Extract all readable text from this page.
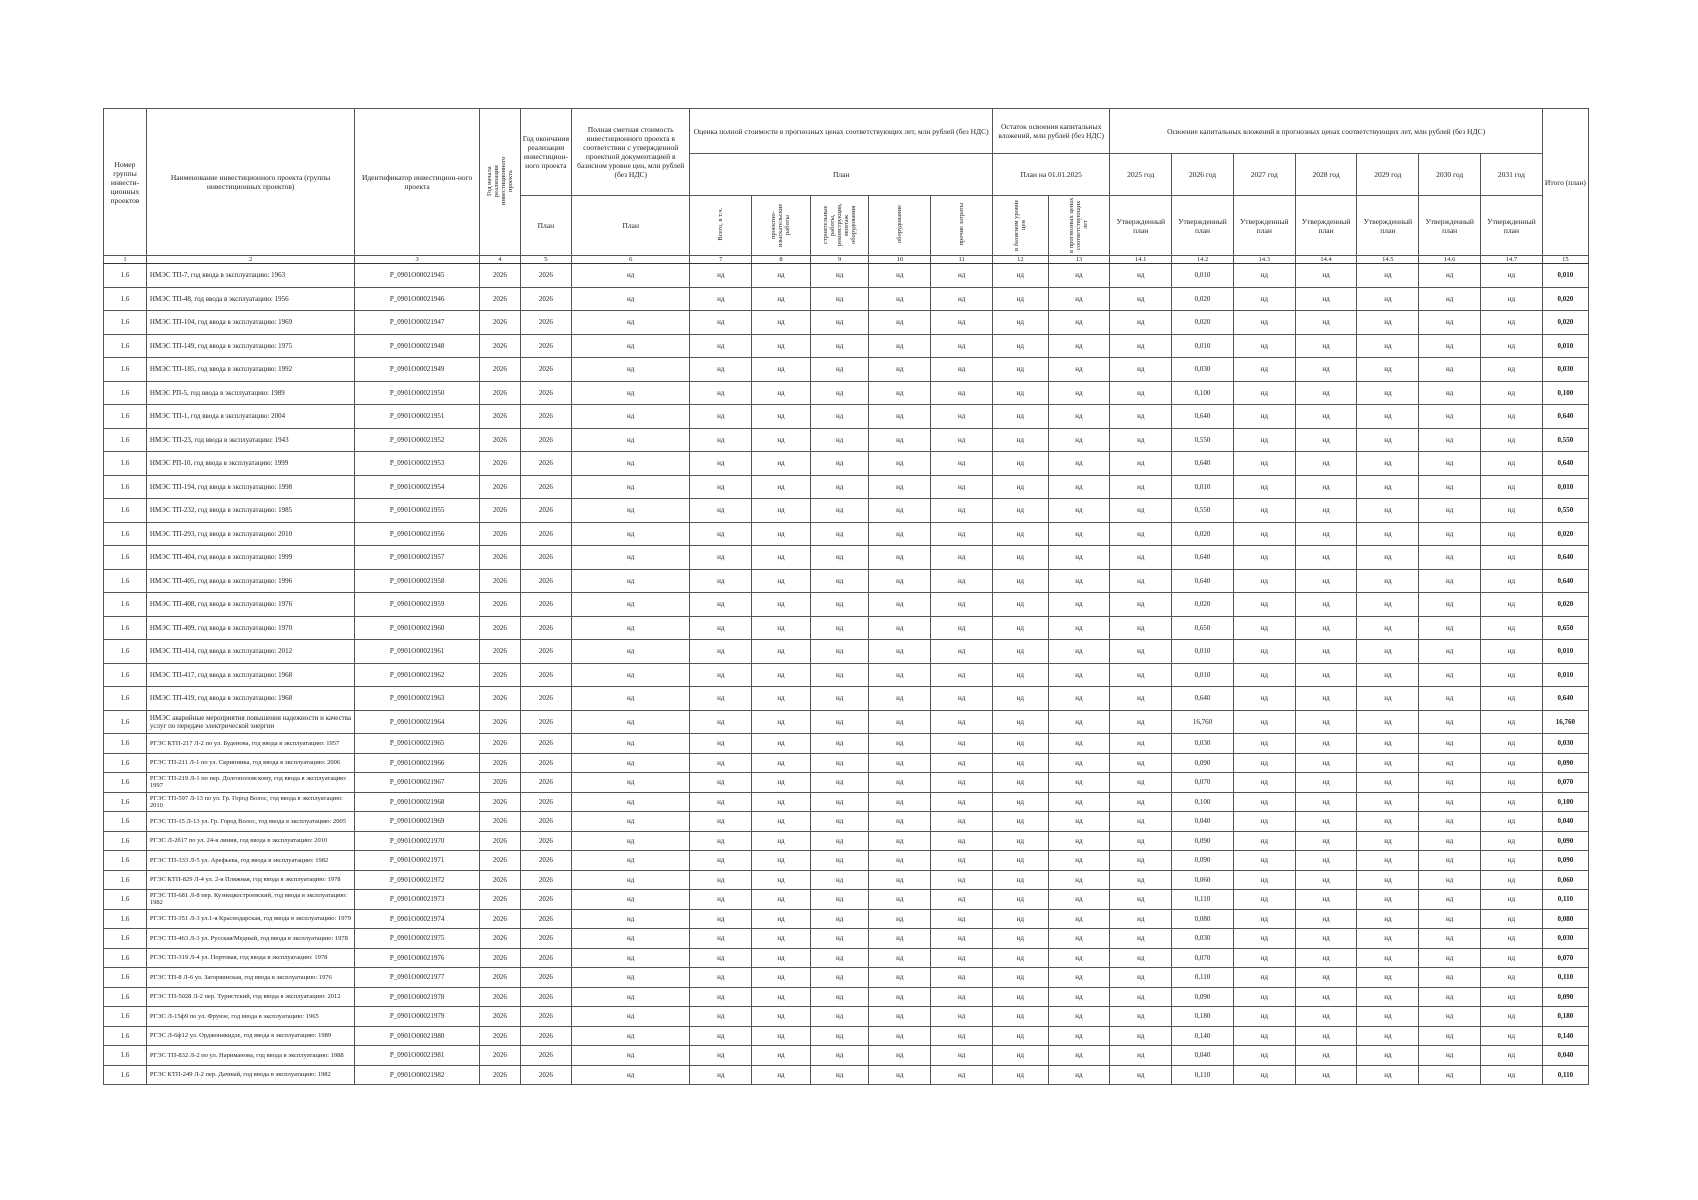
Номер группы инвести-ционных проектов	Наименование инвестиционного проекта (группы инвестиционных проектов)	Идентификатор инвестицион-ного проекта	Год начала реализации инвестиционного проекта	Год окончания реализации инвестицион-ного проекта	Полная сметная стоимость инвестиционного проекта в соответствии с утвержденной проектной документацией в базисном уровне цен, млн рублей (без НДС)	Оценка полной стоимости в прогнозных ценах соответствующих лет, млн рублей (без НДС)					Остаток освоения капитальных вложений, млн рублей (без НДС)		Освоение капитальных вложений в прогнозных ценах соответствующих лет, млн рублей (без НДС)							Итого (план)
						План					План на 01.01.2025		2025 год	2026 год	2027 год	2028 год	2029 год	2030 год	2031 год	
				План	План	Всего, в т.ч.	проектно-изыскательские работы	строительные работы, реконструкция, монтаж оборудования	оборудование	прочие затраты	в базисном уровне цен	в прогнозных ценах соответствующих лет	Утвержденный план	Утвержденный план	Утвержденный план	Утвержденный план	Утвержденный план	Утвержденный план	Утвержденный план	
1	2	3	4	5	6	7	8	9	10	11	12	13	14.1	14.2	14.3	14.4	14.5	14.6	14.7	15
1.6	НМЭС ТП-7, год ввода в эксплуатацию: 1963	P_0901О00021945	2026	2026	нд	нд	нд	нд	нд	нд	нд	нд	нд	0,010	нд	нд	нд	нд	нд	0,010
1.6	НМЭС ТП-48, год ввода в эксплуатацию: 1956	P_0901О00021946	2026	2026	нд	нд	нд	нд	нд	нд	нд	нд	нд	0,020	нд	нд	нд	нд	нд	0,020
1.6	НМЭС ТП-104, год ввода в эксплуатацию: 1969	P_0901О00021947	2026	2026	нд	нд	нд	нд	нд	нд	нд	нд	нд	0,020	нд	нд	нд	нд	нд	0,020
1.6	НМЭС ТП-149, год ввода в эксплуатацию: 1975	P_0901О00021948	2026	2026	нд	нд	нд	нд	нд	нд	нд	нд	нд	0,010	нд	нд	нд	нд	нд	0,010
1.6	НМЭС ТП-185, год ввода в эксплуатацию: 1992	P_0901О00021949	2026	2026	нд	нд	нд	нд	нд	нд	нд	нд	нд	0,030	нд	нд	нд	нд	нд	0,030
1.6	НМЭС РП-5, год ввода в эксплуатацию: 1989	P_0901О00021950	2026	2026	нд	нд	нд	нд	нд	нд	нд	нд	нд	0,100	нд	нд	нд	нд	нд	0,100
1.6	НМЭС ТП-1, год ввода в эксплуатацию: 2004	P_0901О00021951	2026	2026	нд	нд	нд	нд	нд	нд	нд	нд	нд	0,640	нд	нд	нд	нд	нд	0,640
1.6	НМЭС ТП-23, год ввода в эксплуатацию: 1943	P_0901О00021952	2026	2026	нд	нд	нд	нд	нд	нд	нд	нд	нд	0,550	нд	нд	нд	нд	нд	0,550
1.6	НМЭС РП-10, год ввода в эксплуатацию: 1999	P_0901О00021953	2026	2026	нд	нд	нд	нд	нд	нд	нд	нд	нд	0,640	нд	нд	нд	нд	нд	0,640
1.6	НМЭС ТП-194, год ввода в эксплуатацию: 1998	P_0901О00021954	2026	2026	нд	нд	нд	нд	нд	нд	нд	нд	нд	0,010	нд	нд	нд	нд	нд	0,010
1.6	НМЭС ТП-232, год ввода в эксплуатацию: 1985	P_0901О00021955	2026	2026	нд	нд	нд	нд	нд	нд	нд	нд	нд	0,550	нд	нд	нд	нд	нд	0,550
1.6	НМЭС ТП-293, год ввода в эксплуатацию: 2010	P_0901О00021956	2026	2026	нд	нд	нд	нд	нд	нд	нд	нд	нд	0,020	нд	нд	нд	нд	нд	0,020
1.6	НМЭС ТП-404, год ввода в эксплуатацию: 1999	P_0901О00021957	2026	2026	нд	нд	нд	нд	нд	нд	нд	нд	нд	0,640	нд	нд	нд	нд	нд	0,640
1.6	НМЭС ТП-405, год ввода в эксплуатацию: 1996	P_0901О00021958	2026	2026	нд	нд	нд	нд	нд	нд	нд	нд	нд	0,640	нд	нд	нд	нд	нд	0,640
1.6	НМЭС ТП-408, год ввода в эксплуатацию: 1976	P_0901О00021959	2026	2026	нд	нд	нд	нд	нд	нд	нд	нд	нд	0,020	нд	нд	нд	нд	нд	0,020
1.6	НМЭС ТП-409, год ввода в эксплуатацию: 1970	P_0901О00021960	2026	2026	нд	нд	нд	нд	нд	нд	нд	нд	нд	0,650	нд	нд	нд	нд	нд	0,650
1.6	НМЭС ТП-414, год ввода в эксплуатацию: 2012	P_0901О00021961	2026	2026	нд	нд	нд	нд	нд	нд	нд	нд	нд	0,010	нд	нд	нд	нд	нд	0,010
1.6	НМЭС ТП-417, год ввода в эксплуатацию: 1968	P_0901О00021962	2026	2026	нд	нд	нд	нд	нд	нд	нд	нд	нд	0,010	нд	нд	нд	нд	нд	0,010
1.6	НМЭС ТП-419, год ввода в эксплуатацию: 1968	P_0901О00021963	2026	2026	нд	нд	нд	нд	нд	нд	нд	нд	нд	0,640	нд	нд	нд	нд	нд	0,640
1.6	НМЭС аварийные мероприятия повышения надежности и качества услуг по передаче электрической энергии	P_0901О00021964	2026	2026	нд	нд	нд	нд	нд	нд	нд	нд	нд	16,760	нд	нд	нд	нд	нд	16,760
1.6	РГЭС КТП-217 Л-2 по ул. Буденова, год ввода в эксплуатацию: 1957	P_0901О00021965	2026	2026	нд	нд	нд	нд	нд	нд	нд	нд	нд	0,030	нд	нд	нд	нд	нд	0,030
1.6	РГЭС ТП-211 Л-1 по ул. Скрипника, год ввода в эксплуатацию: 2006	P_0901О00021966	2026	2026	нд	нд	нд	нд	нд	нд	нд	нд	нд	0,090	нд	нд	нд	нд	нд	0,090
1.6	РГЭС ТП-219 Л-1 по пер. Долгополовскому, год ввода в эксплуатацию: 1997	P_0901О00021967	2026	2026	нд	нд	нд	нд	нд	нд	нд	нд	нд	0,070	нд	нд	нд	нд	нд	0,070
1.6	РГЭС ТП-597 Л-13 по ул. Гр. Город Волос, год ввода в эксплуатацию: 2010	P_0901О00021968	2026	2026	нд	нд	нд	нд	нд	нд	нд	нд	нд	0,100	нд	нд	нд	нд	нд	0,100
1.6	РГЭС ТП-15 Л-13 ул. Гр. Город Волос, год ввода в эксплуатацию: 2005	P_0901О00021969	2026	2026	нд	нд	нд	нд	нд	нд	нд	нд	нд	0,040	нд	нд	нд	нд	нд	0,040
1.6	РГЭС Л-2б17 по ул. 24-я линия, год ввода в эксплуатацию: 2010	P_0901О00021970	2026	2026	нд	нд	нд	нд	нд	нд	нд	нд	нд	0,090	нд	нд	нд	нд	нд	0,090
1.6	РГЭС ТП-333 Л-5 ул. Арефьева, год ввода в эксплуатацию: 1982	P_0901О00021971	2026	2026	нд	нд	нд	нд	нд	нд	нд	нд	нд	0,090	нд	нд	нд	нд	нд	0,090
1.6	РГЭС КТП-829 Л-4 ул. 2-я Пляжная, год ввода в эксплуатацию: 1978	P_0901О00021972	2026	2026	нд	нд	нд	нд	нд	нд	нд	нд	нд	0,060	нд	нд	нд	нд	нд	0,060
1.6	РГЭС ТП-681 Л-8 пер. Кузнецкостроевский, год ввода в эксплуатацию: 1982	P_0901О00021973	2026	2026	нд	нд	нд	нд	нд	нд	нд	нд	нд	0,110	нд	нд	нд	нд	нд	0,110
1.6	РГЭС ТП-351 Л-3 ул.1-я Краснодарская, год ввода в эксплуатацию: 1979	P_0901О00021974	2026	2026	нд	нд	нд	нд	нд	нд	нд	нд	нд	0,080	нд	нд	нд	нд	нд	0,080
1.6	РГЭС ТП-463 Л-3 ул. Русская/Медный, год ввода в эксплуатацию: 1978	P_0901О00021975	2026	2026	нд	нд	нд	нд	нд	нд	нд	нд	нд	0,030	нд	нд	нд	нд	нд	0,030
1.6	РГЭС ТП-319 Л-4 ул. Портовая, год ввода в эксплуатацию: 1978	P_0901О00021976	2026	2026	нд	нд	нд	нд	нд	нд	нд	нд	нд	0,070	нд	нд	нд	нд	нд	0,070
1.6	РГЭС ТП-8 Л-6 ул. Загоряинская, год ввода в эксплуатацию: 1976	P_0901О00021977	2026	2026	нд	нд	нд	нд	нд	нд	нд	нд	нд	0,110	нд	нд	нд	нд	нд	0,110
1.6	РГЭС ТП-5028 Л-2 пер. Туристский, год ввода в эксплуатацию: 2012	P_0901О00021978	2026	2026	нд	нд	нд	нд	нд	нд	нд	нд	нд	0,090	нд	нд	нд	нд	нд	0,090
1.6	РГЭС Л-15ф9 по ул. Фрунзе, год ввода в эксплуатацию: 1965	P_0901О00021979	2026	2026	нд	нд	нд	нд	нд	нд	нд	нд	нд	0,180	нд	нд	нд	нд	нд	0,180
1.6	РГЭС Л-6ф12 ул. Орджоникидзе, год ввода в эксплуатацию: 1989	P_0901О00021980	2026	2026	нд	нд	нд	нд	нд	нд	нд	нд	нд	0,140	нд	нд	нд	нд	нд	0,140
1.6	РГЭС ТП-832 Л-2 по ул. Нариманова, год ввода в эксплуатацию: 1988	P_0901О00021981	2026	2026	нд	нд	нд	нд	нд	нд	нд	нд	нд	0,040	нд	нд	нд	нд	нд	0,040
1.6	РГЭС КТП-249 Л-2 пер. Дачный, год ввода в эксплуатацию: 1982	P_0901О00021982	2026	2026	нд	нд	нд	нд	нд	нд	нд	нд	нд	0,110	нд	нд	нд	нд	нд	0,110
